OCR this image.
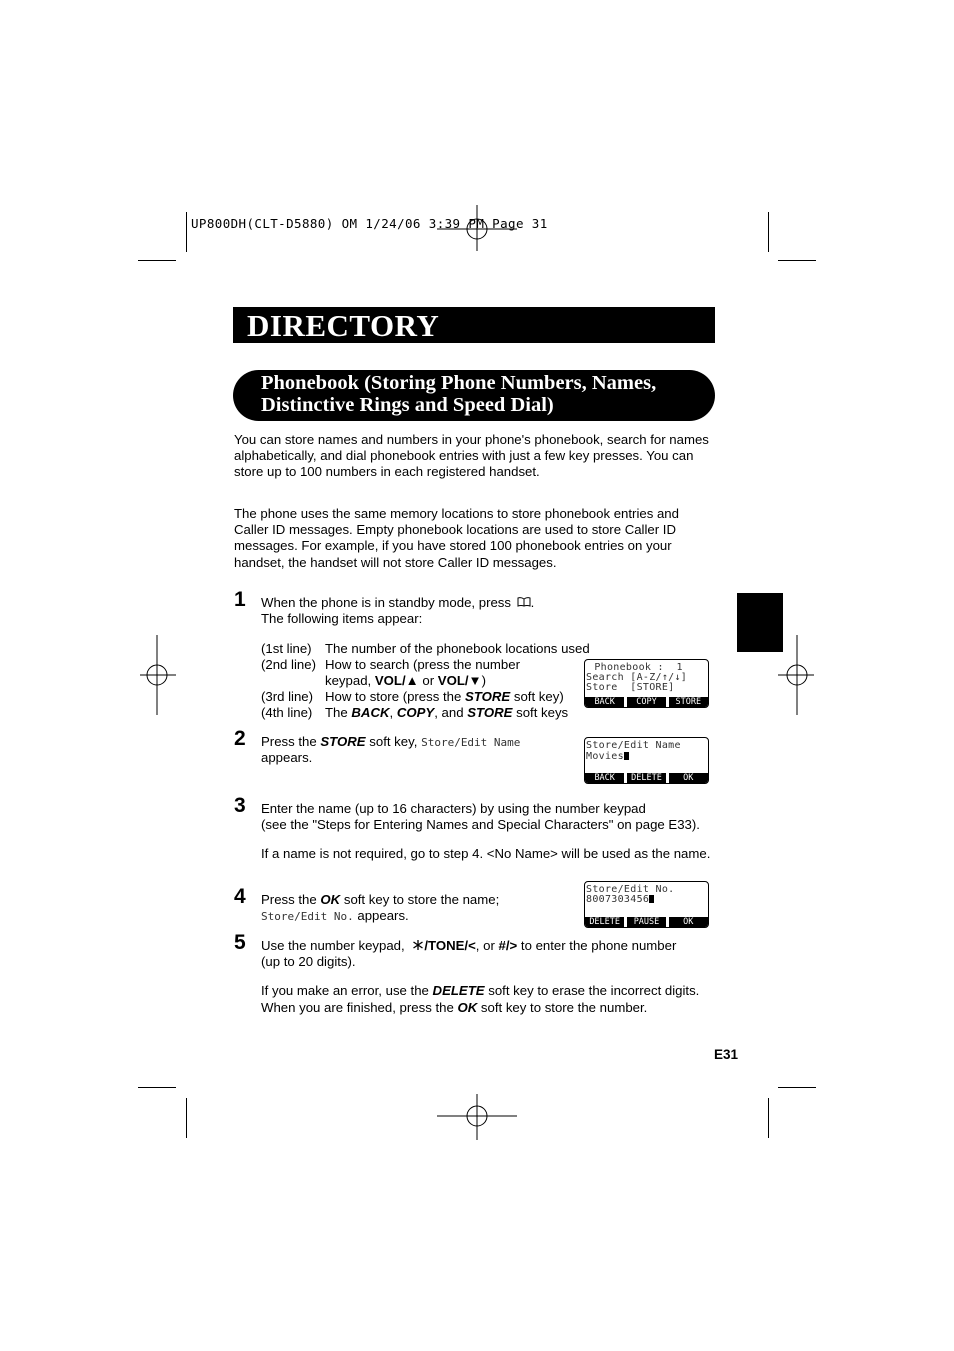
UP800DH(CLT-D5880) OM 1/24/06 3:39 PM Page 31
DIRECTORY
Phonebook (Storing Phone Numbers, Names,
Distinctive Rings and Speed Dial)
You can store names and numbers in your phone's phonebook, search for names alphabetically, and dial phonebook entries with just a few key presses. You can store up to 100 numbers in each registered handset.
The phone uses the same memory locations to store phonebook entries and Caller ID messages. Empty phonebook locations are used to store Caller ID messages. For example, if you have stored 100 phonebook entries on your handset, the handset will not store Caller ID messages.
1 When the phone is in standby mode, press .
The following items appear:
(1st line) The number of the phonebook locations used
(2nd line) How to search (press the number
keypad, VOL/▲ or VOL/▼)
(3rd line) How to store (press the STORE soft key)
(4th line) The BACK, COPY, and STORE soft keys
Phonebook :  1
Search [A-Z/↑/↓]
Store  [STORE]
BACK	COPY	STORE
2 Press the STORE soft key, Store/Edit Name
appears.
Store/Edit Name
Movies
BACK	DELETE	OK
3 Enter the name (up to 16 characters) by using the number keypad
(see the "Steps for Entering Names and Special Characters" on page E33).
If a name is not required, go to step 4. <No Name> will be used as the name.
4 Press the OK soft key to store the name;
Store/Edit No. appears.
Store/Edit No.
8007303456
DELETE	PAUSE	OK
5 Use the number keypad, /TONE/<, or #/> to enter the phone number
(up to 20 digits).
If you make an error, use the DELETE soft key to erase the incorrect digits.
When you are finished, press the OK soft key to store the number.
E31
